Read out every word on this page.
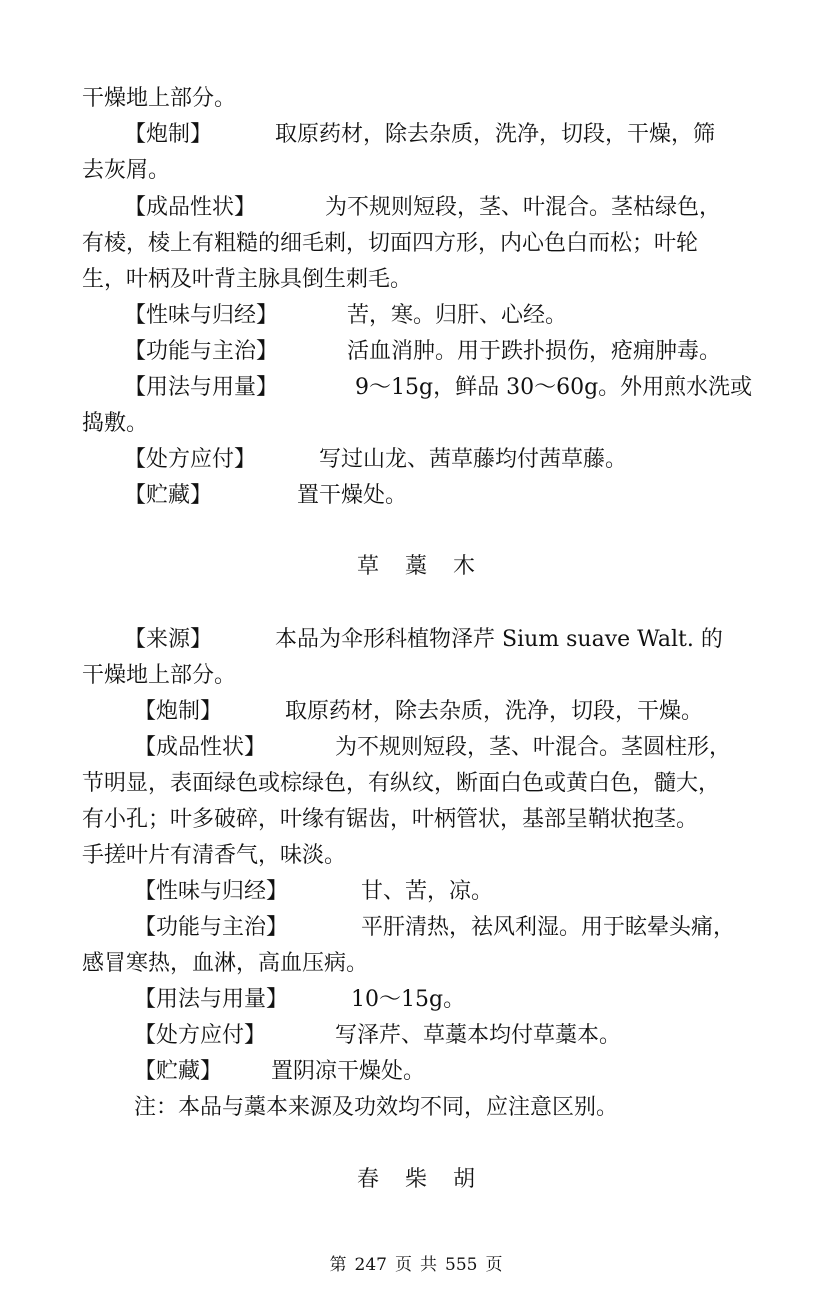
干燥地上部分。
【炮制】	取原药材，除去杂质，洗净，切段，干燥，筛
去灰屑。
【成品性状】	为不规则短段，茎、叶混合。茎枯绿色，
有棱，棱上有粗糙的细毛刺，切面四方形，内心色白而松；叶轮
生，叶柄及叶背主脉具倒生刺毛。
【性味与归经】	苦，寒。归肝、心经。
【功能与主治】	活血消肿。用于跌扑损伤，疮痈肿毒。
【用法与用量】	9～15g，鲜品 30～60g。外用煎水洗或
捣敷。
【处方应付】	写过山龙、茜草藤均付茜草藤。
【贮藏】	置干燥处。
草 藁 木
【来源】	本品为伞形科植物泽芹 Sium suave Walt. 的
干燥地上部分。
【炮制】	取原药材，除去杂质，洗净，切段，干燥。
【成品性状】	为不规则短段，茎、叶混合。茎圆柱形，
节明显，表面绿色或棕绿色，有纵纹，断面白色或黄白色，髓大，
有小孔；叶多破碎，叶缘有锯齿，叶柄管状，基部呈鞘状抱茎。
手搓叶片有清香气，味淡。
【性味与归经】	甘、苦，凉。
【功能与主治】	平肝清热，祛风利湿。用于眩晕头痛，
感冒寒热，血淋，高血压病。
【用法与用量】	10～15g。
【处方应付】	写泽芹、草藁本均付草藁本。
【贮藏】 置阴凉干燥处。
注：本品与藁本来源及功效均不同，应注意区别。
春 柴 胡
第 247 页 共 555 页
